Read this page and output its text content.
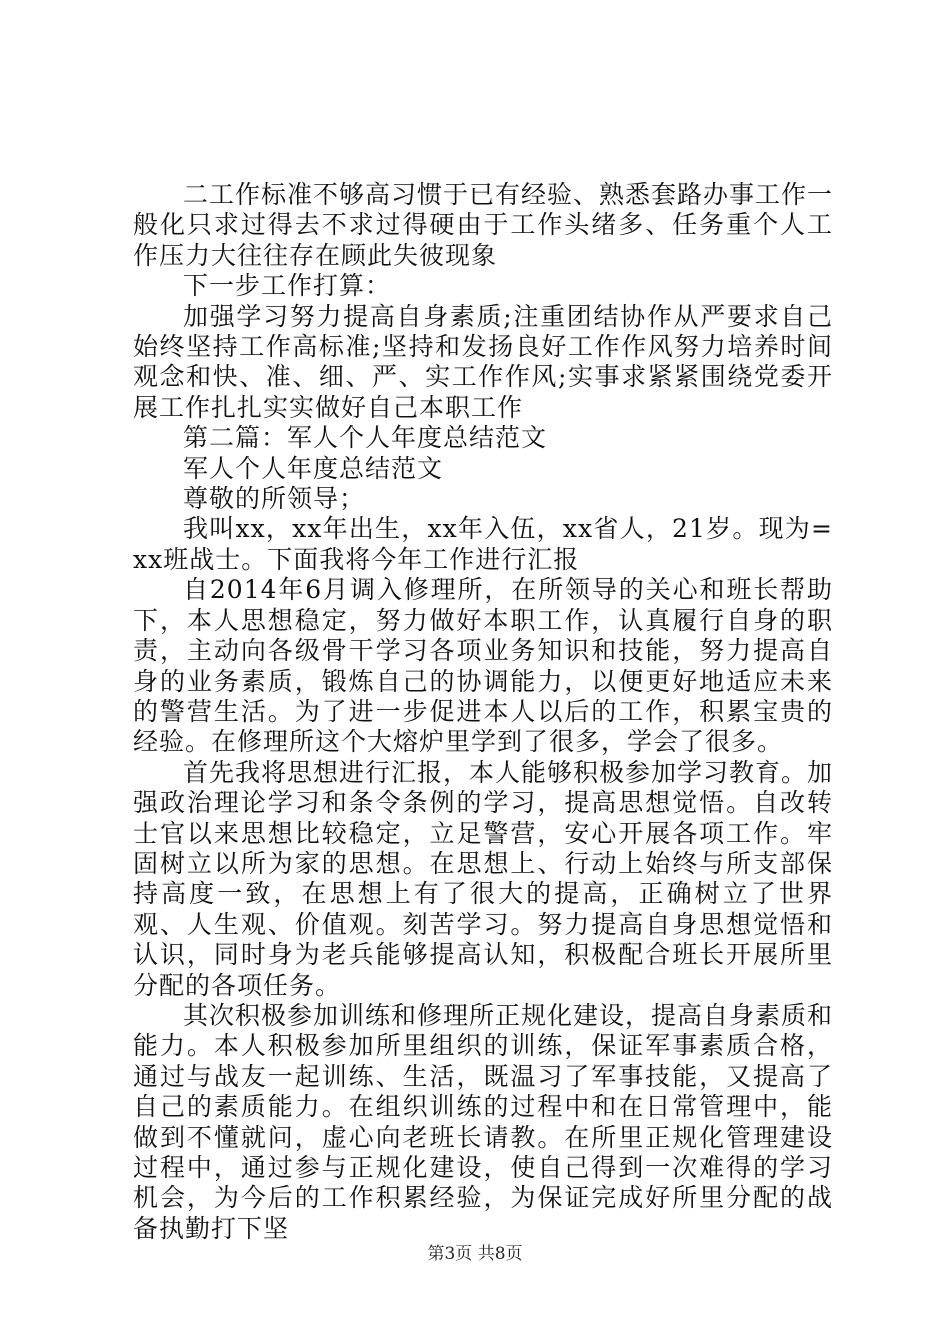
二工作标准不够高习惯于已有经验、熟悉套路办事工作一般化只求过得去不求过得硬由于工作头绪多、任务重个人工作压力大往往存在顾此失彼现象

下一步工作打算：

加强学习努力提高自身素质;注重团结协作从严要求自己始终坚持工作高标准;坚持和发扬良好工作作风努力培养时间观念和快、准、细、严、实工作作风;实事求紧紧围绕党委开展工作扎扎实实做好自己本职工作

第二篇：军人个人年度总结范文

军人个人年度总结范文

尊敬的所领导；

我叫xx，xx年出生，xx年入伍，xx省人，21岁。现为=xx班战士。下面我将今年工作进行汇报

自2014年6月调入修理所，在所领导的关心和班长帮助下，本人思想稳定，努力做好本职工作，认真履行自身的职责，主动向各级骨干学习各项业务知识和技能，努力提高自身的业务素质，锻炼自己的协调能力，以便更好地适应未来的警营生活。为了进一步促进本人以后的工作，积累宝贵的经验。在修理所这个大熔炉里学到了很多，学会了很多。

首先我将思想进行汇报，本人能够积极参加学习教育。加强政治理论学习和条令条例的学习，提高思想觉悟。自改转士官以来思想比较稳定，立足警营，安心开展各项工作。牢固树立以所为家的思想。在思想上、行动上始终与所支部保持高度一致，在思想上有了很大的提高，正确树立了世界观、人生观、价值观。刻苦学习。努力提高自身思想觉悟和认识，同时身为老兵能够提高认知，积极配合班长开展所里分配的各项任务。

其次积极参加训练和修理所正规化建设，提高自身素质和能力。本人积极参加所里组织的训练，保证军事素质合格，通过与战友一起训练、生活，既温习了军事技能，又提高了自己的素质能力。在组织训练的过程中和在日常管理中，能做到不懂就问，虚心向老班长请教。在所里正规化管理建设过程中，通过参与正规化建设，使自己得到一次难得的学习机会，为今后的工作积累经验，为保证完成好所里分配的战备执勤打下坚

第3页 共8页
